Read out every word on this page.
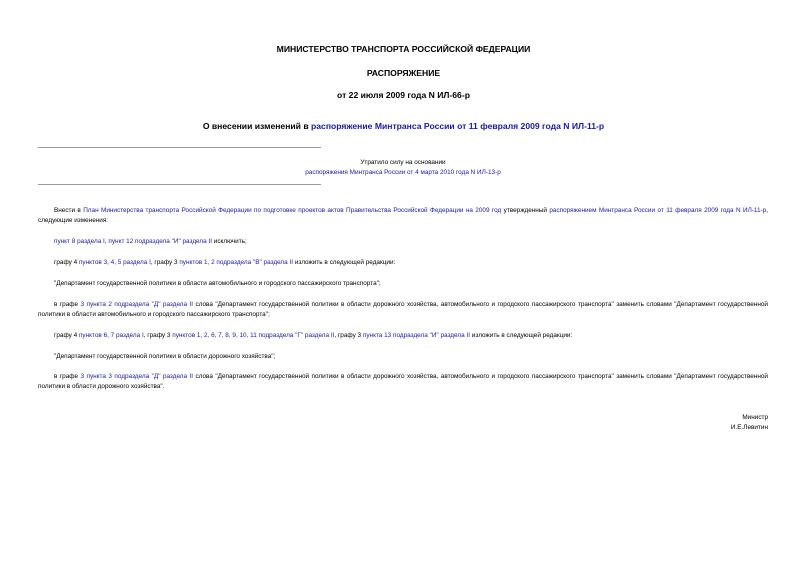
МИНИСТЕРСТВО ТРАНСПОРТА РОССИЙСКОЙ ФЕДЕРАЦИИ
РАСПОРЯЖЕНИЕ
от 22 июля 2009 года N ИЛ-66-р
О внесении изменений в распоряжение Минтранса России от 11 февраля 2009 года N ИЛ-11-р
Утратило силу на основании
распоряжения Минтранса России от 4 марта 2010 года N ИЛ-13-р
Внести в План Министерства транспорта Российской Федерации по подготовке проектов актов Правительства Российской Федерации на 2009 год утвержденный распоряжением Минтранса России от 11 февраля 2009 года N ИЛ-11-р, следующие изменения:
пункт 8 раздела I, пункт 12 подраздела "И" раздела II исключить;
графу 4 пунктов 3, 4, 5 раздела I, графу 3 пунктов 1, 2 подраздела "В" раздела II изложить в следующей редакции:
"Департамент государственной политики в области автомобильного и городского пассажирского транспорта";
в графе 3 пункта 2 подраздела "Д" раздела II слова "Департамент государственной политики в области дорожного хозяйства, автомобильного и городского пассажирского транспорта" заменить словами "Департамент государственной политики в области автомобильного и городского пассажирского транспорта";
графу 4 пунктов 6, 7 раздела I, графу 3 пунктов 1, 2, 6, 7, 8, 9, 10, 11 подраздела "Г" раздела II, графу 3 пункта 13 подраздела "И" раздела II изложить в следующей редакции:
"Департамент государственной политики в области дорожного хозяйства";
в графе 3 пункта 3 подраздела "Д" раздела II слова "Департамент государственной политики в области дорожного хозяйства, автомобильного и городского пассажирского транспорта" заменить словами "Департамент государственной политики в области дорожного хозяйства".
Министр
И.Е.Левитин
